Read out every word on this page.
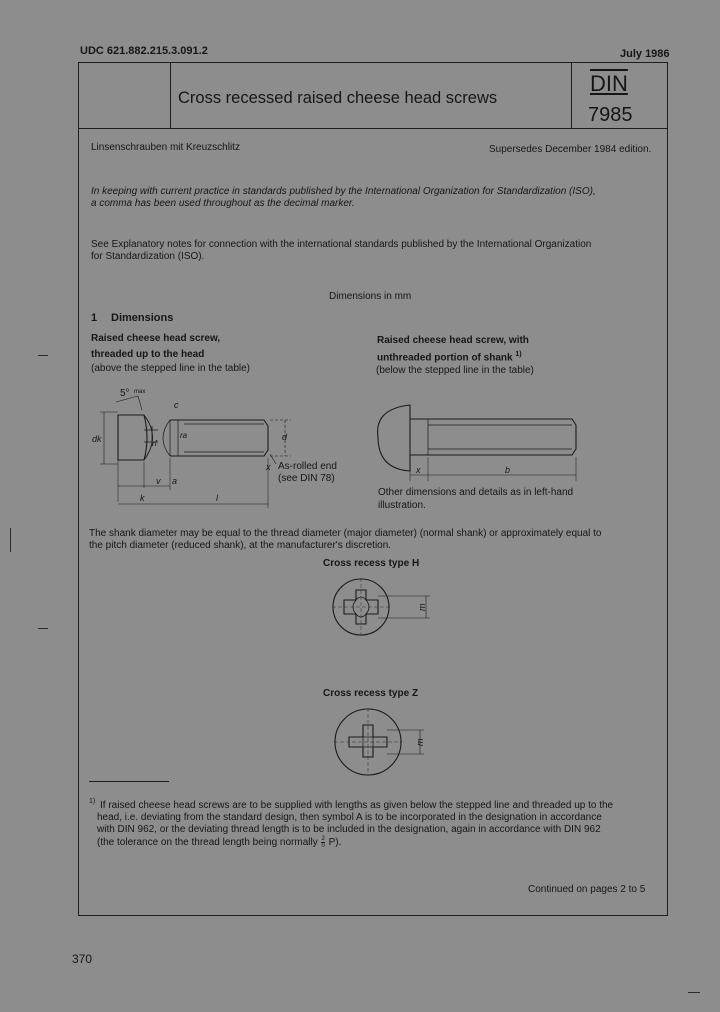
UDC 621.882.215.3.091.2	July 1986
Cross recessed raised cheese head screws
DIN
7985
Linsenschrauben mit Kreuzschlitz	Supersedes December 1984 edition.
In keeping with current practice in standards published by the International Organization for Standardization (ISO),
a comma has been used throughout as the decimal marker.
See Explanatory notes for connection with the international standards published by the International Organization
for Standardization (ISO).
Dimensions in mm
1 Dimensions
Raised cheese head screw,
threaded up to the head
(above the stepped line in the table)
Raised cheese head screw, with
unthreaded portion of shank $^{1)}$
(below the stepped line in the table)
5° max
c
dk	ra
rf
d
x
v a
k	l
As-rolled end
(see DIN 78)
x	b
Other dimensions and details as in left-hand
illustration.
The shank diameter may be equal to the thread diameter (major diameter) (normal shank) or approximately equal to
the pitch diameter (reduced shank), at the manufacturer's discretion.
Cross recess type H
m
Cross recess type Z
m
1) If raised cheese head screws are to be supplied with lengths as given below the stepped line and threaded up to the
head, i.e. deviating from the standard design, then symbol A is to be incorporated in the designation in accordance
with DIN 962, or the deviating thread length is to be included in the designation, again in accordance with DIN 962
(the tolerance on the thread length being normally $\frac{2}{0} P$).
Continued on pages 2 to 5
370
